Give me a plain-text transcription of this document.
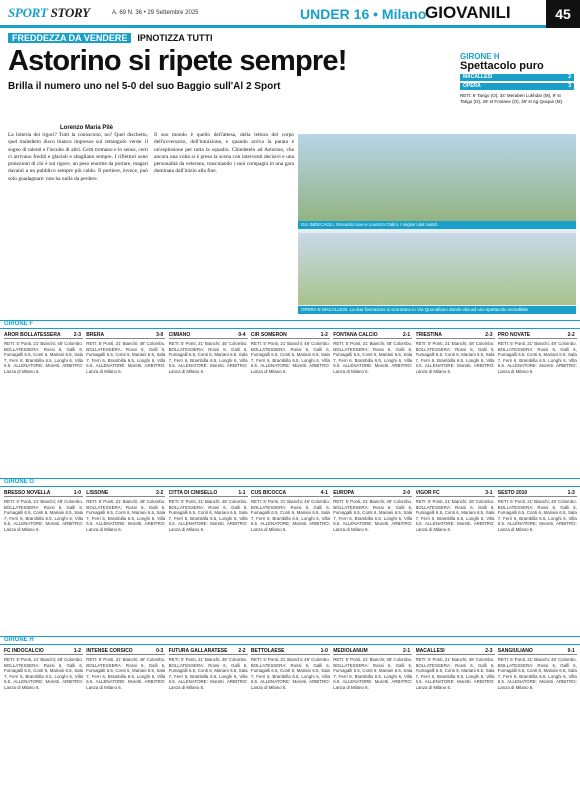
SPORT STORY	A. 69 N. 36 • 29 Settembre 2025	UNDER 16 • Milano
GIOVANILI	45
FREDDEZZA DA VENDERE IPNOTIZZA TUTTI
Astorino si ripete sempre!
Brilla il numero uno nel 5-0 del suo Baggio sull'Al 2 Sport
Lorenzo Maria Pilè
La lotteria dei rigori? Tutti la conoscono, no? Quel dischetto, quel maledetto disco bianco impresso sul rettangolo verde: il sogno di talenti e l'incubo di altri. Certi tremano e lo senso, certi ci arrivano freddi e glaciali e sbagliano sempre. I riflettori sono proiezioni di chi è sul rigore, un peso enorme da portare, magari davanti a un pubblico sempre più caldo. Il portiere, invece, può solo guadagnare: non ha nulla da perdere.
Il suo mondo è quello dell'attesa, della lettura del corpo dell'avversario, dell'intuizione, e quando arriva la parata è un'esplosione per tutta la squadra. Chiedetelo ad Astorino, che ancora una volta si è preso la scena con interventi decisivi e una personalità da veterano, trascinando i suoi compagni in una gara dominata dall'inizio alla fine.
GIRONE H
Spettacolo puro
MACALLESI	2
OPERA	3

RETI: 6' Tarigo (O), 34' Meraberi Lukhdar (M), 9' st Tarigo (O), 29' st Fontane (O), 39' st Ag Quique (M).

GLI INDECAGLI. Riccardo Isoe e Lorenzo Oldini, i migliori del match
OPERA E MACALLESI. La due formazioni si scontrano in Via Quondilano dando vita ad uno spettacolo incredibile
GIRONE F
AROR BOLLATESSERA	2-3
RETI: 5' Ponti, 21' Bianchi; 48' Colombo. BOLLATESSERA: Rossi 6, Galli 6, Fumagalli 6.5, Conti 6, Mariani 6.5, Sala 7, Ferri 6, Brambilla 6.5, Longhi 6, Villa 6.5. ALLENATORE: Moretti. ARBITRO: Lanza di Milano 6.
BRERA	3-0
RETI: 5' Ponti, 21' Bianchi; 48' Colombo. BOLLATESSERA: Rossi 6, Galli 6, Fumagalli 6.5, Conti 6, Mariani 6.5, Sala 7, Ferri 6, Brambilla 6.5, Longhi 6, Villa 6.5. ALLENATORE: Moretti. ARBITRO: Lanza di Milano 6.
CIMIANO	0-4
RETI: 5' Ponti, 21' Bianchi; 48' Colombo. BOLLATESSERA: Rossi 6, Galli 6, Fumagalli 6.5, Conti 6, Mariani 6.5, Sala 7, Ferri 6, Brambilla 6.5, Longhi 6, Villa 6.5. ALLENATORE: Moretti. ARBITRO: Lanza di Milano 6.
CIR SOMERON	1-2
RETI: 5' Ponti, 21' Bianchi; 48' Colombo. BOLLATESSERA: Rossi 6, Galli 6, Fumagalli 6.5, Conti 6, Mariani 6.5, Sala 7, Ferri 6, Brambilla 6.5, Longhi 6, Villa 6.5. ALLENATORE: Moretti. ARBITRO: Lanza di Milano 6.
FONTANA CALCIO	2-1
RETI: 5' Ponti, 21' Bianchi; 48' Colombo. BOLLATESSERA: Rossi 6, Galli 6, Fumagalli 6.5, Conti 6, Mariani 6.5, Sala 7, Ferri 6, Brambilla 6.5, Longhi 6, Villa 6.5. ALLENATORE: Moretti. ARBITRO: Lanza di Milano 6.
TRIESTINA	2-3
RETI: 5' Ponti, 21' Bianchi; 48' Colombo. BOLLATESSERA: Rossi 6, Galli 6, Fumagalli 6.5, Conti 6, Mariani 6.5, Sala 7, Ferri 6, Brambilla 6.5, Longhi 6, Villa 6.5. ALLENATORE: Moretti. ARBITRO: Lanza di Milano 6.
PRO NOVATE	2-2
RETI: 5' Ponti, 21' Bianchi; 48' Colombo. BOLLATESSERA: Rossi 6, Galli 6, Fumagalli 6.5, Conti 6, Mariani 6.5, Sala 7, Ferri 6, Brambilla 6.5, Longhi 6, Villa 6.5. ALLENATORE: Moretti. ARBITRO: Lanza di Milano 6.
GIRONE G
BRESSO NOVELLA	1-0
RETI: 5' Ponti, 21' Bianchi; 48' Colombo. BOLLATESSERA: Rossi 6, Galli 6, Fumagalli 6.5, Conti 6, Mariani 6.5, Sala 7, Ferri 6, Brambilla 6.5, Longhi 6, Villa 6.5. ALLENATORE: Moretti. ARBITRO: Lanza di Milano 6.
LISSONE	2-2
RETI: 5' Ponti, 21' Bianchi; 48' Colombo. BOLLATESSERA: Rossi 6, Galli 6, Fumagalli 6.5, Conti 6, Mariani 6.5, Sala 7, Ferri 6, Brambilla 6.5, Longhi 6, Villa 6.5. ALLENATORE: Moretti. ARBITRO: Lanza di Milano 6.
CITTA DI CINISELLO	1-1
RETI: 5' Ponti, 21' Bianchi; 48' Colombo. BOLLATESSERA: Rossi 6, Galli 6, Fumagalli 6.5, Conti 6, Mariani 6.5, Sala 7, Ferri 6, Brambilla 6.5, Longhi 6, Villa 6.5. ALLENATORE: Moretti. ARBITRO: Lanza di Milano 6.
CUS BICOCCA	4-1
RETI: 5' Ponti, 21' Bianchi; 48' Colombo. BOLLATESSERA: Rossi 6, Galli 6, Fumagalli 6.5, Conti 6, Mariani 6.5, Sala 7, Ferri 6, Brambilla 6.5, Longhi 6, Villa 6.5. ALLENATORE: Moretti. ARBITRO: Lanza di Milano 6.
EUROPA	2-0
RETI: 5' Ponti, 21' Bianchi; 48' Colombo. BOLLATESSERA: Rossi 6, Galli 6, Fumagalli 6.5, Conti 6, Mariani 6.5, Sala 7, Ferri 6, Brambilla 6.5, Longhi 6, Villa 6.5. ALLENATORE: Moretti. ARBITRO: Lanza di Milano 6.
VIGOR FC	3-1
RETI: 5' Ponti, 21' Bianchi; 48' Colombo. BOLLATESSERA: Rossi 6, Galli 6, Fumagalli 6.5, Conti 6, Mariani 6.5, Sala 7, Ferri 6, Brambilla 6.5, Longhi 6, Villa 6.5. ALLENATORE: Moretti. ARBITRO: Lanza di Milano 6.
SESTO 2010	1-3
RETI: 5' Ponti, 21' Bianchi; 48' Colombo. BOLLATESSERA: Rossi 6, Galli 6, Fumagalli 6.5, Conti 6, Mariani 6.5, Sala 7, Ferri 6, Brambilla 6.5, Longhi 6, Villa 6.5. ALLENATORE: Moretti. ARBITRO: Lanza di Milano 6.
GIRONE H
FC INDOCALCIO	1-2
RETI: 5' Ponti, 21' Bianchi; 48' Colombo. BOLLATESSERA: Rossi 6, Galli 6, Fumagalli 6.5, Conti 6, Mariani 6.5, Sala 7, Ferri 6, Brambilla 6.5, Longhi 6, Villa 6.5. ALLENATORE: Moretti. ARBITRO: Lanza di Milano 6.
INTENSE CORSICO	0-3
RETI: 5' Ponti, 21' Bianchi; 48' Colombo. BOLLATESSERA: Rossi 6, Galli 6, Fumagalli 6.5, Conti 6, Mariani 6.5, Sala 7, Ferri 6, Brambilla 6.5, Longhi 6, Villa 6.5. ALLENATORE: Moretti. ARBITRO: Lanza di Milano 6.
FUTURA GALLARATESE 2-2
RETI: 5' Ponti, 21' Bianchi; 48' Colombo. BOLLATESSERA: Rossi 6, Galli 6, Fumagalli 6.5, Conti 6, Mariani 6.5, Sala 7, Ferri 6, Brambilla 6.5, Longhi 6, Villa 6.5. ALLENATORE: Moretti. ARBITRO: Lanza di Milano 6.
BETTOLAESE	1-0
RETI: 5' Ponti, 21' Bianchi; 48' Colombo. BOLLATESSERA: Rossi 6, Galli 6, Fumagalli 6.5, Conti 6, Mariani 6.5, Sala 7, Ferri 6, Brambilla 6.5, Longhi 6, Villa 6.5. ALLENATORE: Moretti. ARBITRO: Lanza di Milano 6.
MEDIOLANUM	2-1
RETI: 5' Ponti, 21' Bianchi; 48' Colombo. BOLLATESSERA: Rossi 6, Galli 6, Fumagalli 6.5, Conti 6, Mariani 6.5, Sala 7, Ferri 6, Brambilla 6.5, Longhi 6, Villa 6.5. ALLENATORE: Moretti. ARBITRO: Lanza di Milano 6.
MACALLESI	2-3
RETI: 5' Ponti, 21' Bianchi; 48' Colombo. BOLLATESSERA: Rossi 6, Galli 6, Fumagalli 6.5, Conti 6, Mariani 6.5, Sala 7, Ferri 6, Brambilla 6.5, Longhi 6, Villa 6.5. ALLENATORE: Moretti. ARBITRO: Lanza di Milano 6.
SANGIULIANO	0-1
RETI: 5' Ponti, 21' Bianchi; 48' Colombo. BOLLATESSERA: Rossi 6, Galli 6, Fumagalli 6.5, Conti 6, Mariani 6.5, Sala 7, Ferri 6, Brambilla 6.5, Longhi 6, Villa 6.5. ALLENATORE: Moretti. ARBITRO: Lanza di Milano 6.
